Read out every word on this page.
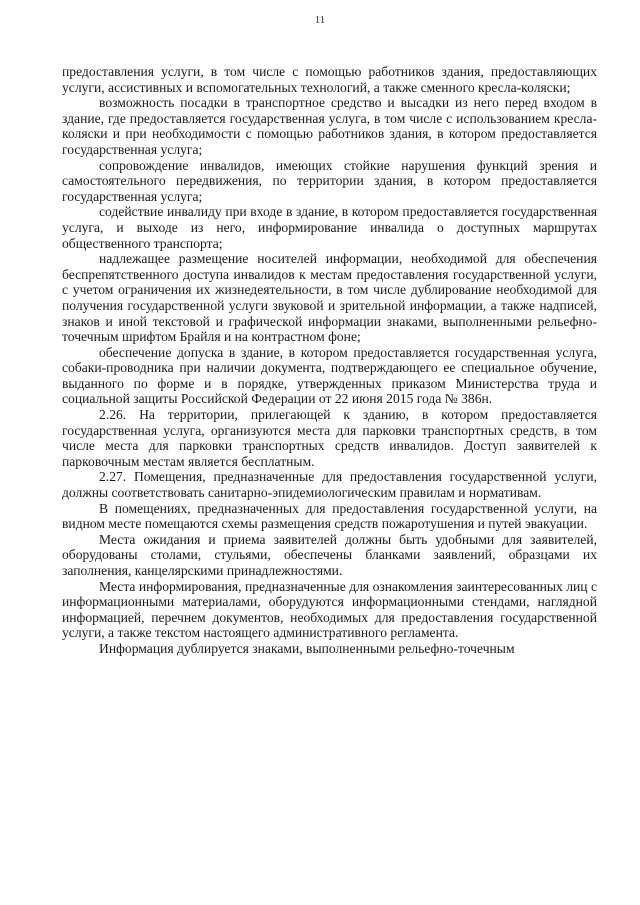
11

предоставления услуги, в том числе с помощью работников здания, предоставляющих услуги, ассистивных и вспомогательных технологий, а также сменного кресла-коляски;

возможность посадки в транспортное средство и высадки из него перед входом в здание, где предоставляется государственная услуга, в том числе с использованием кресла-коляски и при необходимости с помощью работников здания, в котором предоставляется государственная услуга;

сопровождение инвалидов, имеющих стойкие нарушения функций зрения и самостоятельного передвижения, по территории здания, в котором предоставляется государственная услуга;

содействие инвалиду при входе в здание, в котором предоставляется государственная услуга, и выходе из него, информирование инвалида о доступных маршрутах общественного транспорта;

надлежащее размещение носителей информации, необходимой для обеспечения беспрепятственного доступа инвалидов к местам предоставления государственной услуги, с учетом ограничения их жизнедеятельности, в том числе дублирование необходимой для получения государственной услуги звуковой и зрительной информации, а также надписей, знаков и иной текстовой и графической информации знаками, выполненными рельефно-точечным шрифтом Брайля и на контрастном фоне;

обеспечение допуска в здание, в котором предоставляется государственная услуга, собаки-проводника при наличии документа, подтверждающего ее специальное обучение, выданного по форме и в порядке, утвержденных приказом Министерства труда и социальной защиты Российской Федерации от 22 июня 2015 года № 386н.

2.26. На территории, прилегающей к зданию, в котором предоставляется государственная услуга, организуются места для парковки транспортных средств, в том числе места для парковки транспортных средств инвалидов. Доступ заявителей к парковочным местам является бесплатным.

2.27. Помещения, предназначенные для предоставления государственной услуги, должны соответствовать санитарно-эпидемиологическим правилам и нормативам.

В помещениях, предназначенных для предоставления государственной услуги, на видном месте помещаются схемы размещения средств пожаротушения и путей эвакуации.

Места ожидания и приема заявителей должны быть удобными для заявителей, оборудованы столами, стульями, обеспечены бланками заявлений, образцами их заполнения, канцелярскими принадлежностями.

Места информирования, предназначенные для ознакомления заинтересованных лиц с информационными материалами, оборудуются информационными стендами, наглядной информацией, перечнем документов, необходимых для предоставления государственной услуги, а также текстом настоящего административного регламента.

Информация дублируется знаками, выполненными рельефно-точечным
